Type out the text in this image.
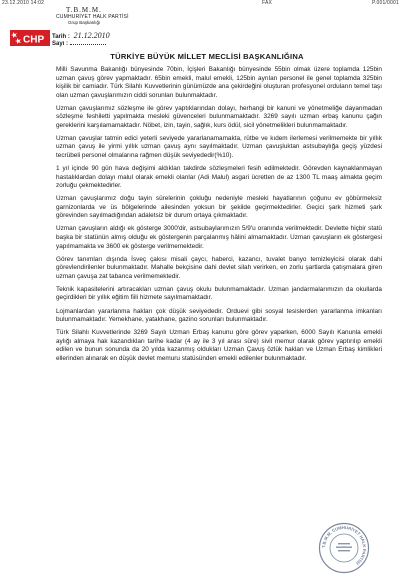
23.12.2010 14:02	FAX	P.001/0001
T.B.M.M.
CUMHURİYET HALK PARTİSİ
Grup Başkanlığı
CHP Tarih : 21.12.2010
Sayı :
TÜRKİYE BÜYÜK MİLLET MECLİSİ BAŞKANLIĞINA

Milli Savunma Bakanlığı bünyesinde 70bin, İçişleri Bakanlığı bünyesinde 55bin olmak üzere toplamda 125bin uzman çavuş görev yapmaktadır. 65bin emekli, malul emekli, 125bin ayrılan personel ile genel toplamda 325bin kişilik bir camiadır. Türk Silahlı Kuvvetlerinin günümüzde ana çekirdeğini oluşturan profesyonel orduların temel taşı olan uzman çavuşlarımızın ciddi sorunları bulunmaktadır.

Uzman çavuşlarımız sözleşme ile görev yaptıklarından dolayı, herhangi bir kanuni ve yönetmeliğe dayanmadan sözleşme feshiletti yapılmakta mesleki güvenceleri bulunmamaktadır. 3269 sayılı uzman erbaş kanunu çağın gereklerini karşılamamaktadır. Nöbet, izin, tayin, sağlık, kurs ödül, sicil yönetmelikleri bulunmamaktadır.

Uzman çavuşlar tatmin edici yeterli seviyede yararlanamamakta, rütbe ve kıdem ilerlemesi verilmemekte bir yıllık uzman çavuş ile yirmi yıllık uzman çavuş aynı sayılmaktadır. Uzman çavuşluktan astsubaylığa geçiş yüzdesi tecrübeli personel olmalarına rağmen düşük seviyededir(%10).

1 yıl içinde 90 gün hava değişimi aldıkları takdirde sözleşmeleri fesih edilmektedir. Görevden kaynaklanmayan hastalıklardan dolayı malul olarak emekli olanlar (Adi Malul) asgari ücretten de az 1300 TL maaş almakta geçim zorluğu çekmektedirler.

Uzman çavuşlarımız doğu tayin sürelerinin çokluğu nedeniyle mesleki hayatlarının çoğunu ev göbürmeksiz garnizonlarda ve üs bölgelerinde ailesinden yoksun bir şekilde geçirmektedirler. Geçici şark hizmeti şark görevinden sayılmadığından adaletsiz bir durum ortaya çıkmaktadır.

Uzman çavuşların aldığı ek gösterge 3000'dir, astsubaylarımızın 5/9'u oranında verilmektedir. Devlette hiçbir statü başka bir statünün almış olduğu ek göstergenin parçalanmış hâlini almamaktadır. Uzman çavuşların ek göstergesi yapılmamakta ve 3600 ek gösterge verilmemektedir.

Görev tanımları dışında İsveç çakısı misali çaycı, haberci, kazancı, tuvalet banyo temizleyicisi olarak dahi görevlendirilenler bulunmaktadır. Mahalle bekçisine dahi devlet silah verirken, en zorlu şartlarda çatışmalara giren uzman çavuşa zat tabanca verilmemektedir.

Teknik kapasitelerini artıracakları uzman çavuş okulu bulunmamaktadır. Uzman jandarmalarımızın da okullarda geçirdikleri bir yıllık eğitim fiili hizmete sayılmamaktadır.

Lojmanlardan yararlanma hakları çok düşük seviyededir. Orduevi gibi sosyal tesislerden yararlanma imkanları bulunmamaktadır. Yemekhane, yatakhane, gazino sorunları bulunmaktadır.

Türk Silahlı Kuvvetlerinde 3269 Sayılı Uzman Erbaş kanunu göre görev yaparken, 6000 Sayılı Kanunla emekli aylığı almaya hak kazandıkları tarihe kadar (4 ay ile 3 yıl arası süre) sivil memur olarak görev yaptırılıp emekli edilen ve bunun sonunda da 20 yılda kazanmış oldukları Uzman Çavuş özlük hakları ve Uzman Erbaş kimlikleri ellerinden alınarak en düşük devlet memuru statüsünden emekli edilenler bulunmaktadır.

T.B.M.M. CUMHURİYET HALK PARTİSİ
